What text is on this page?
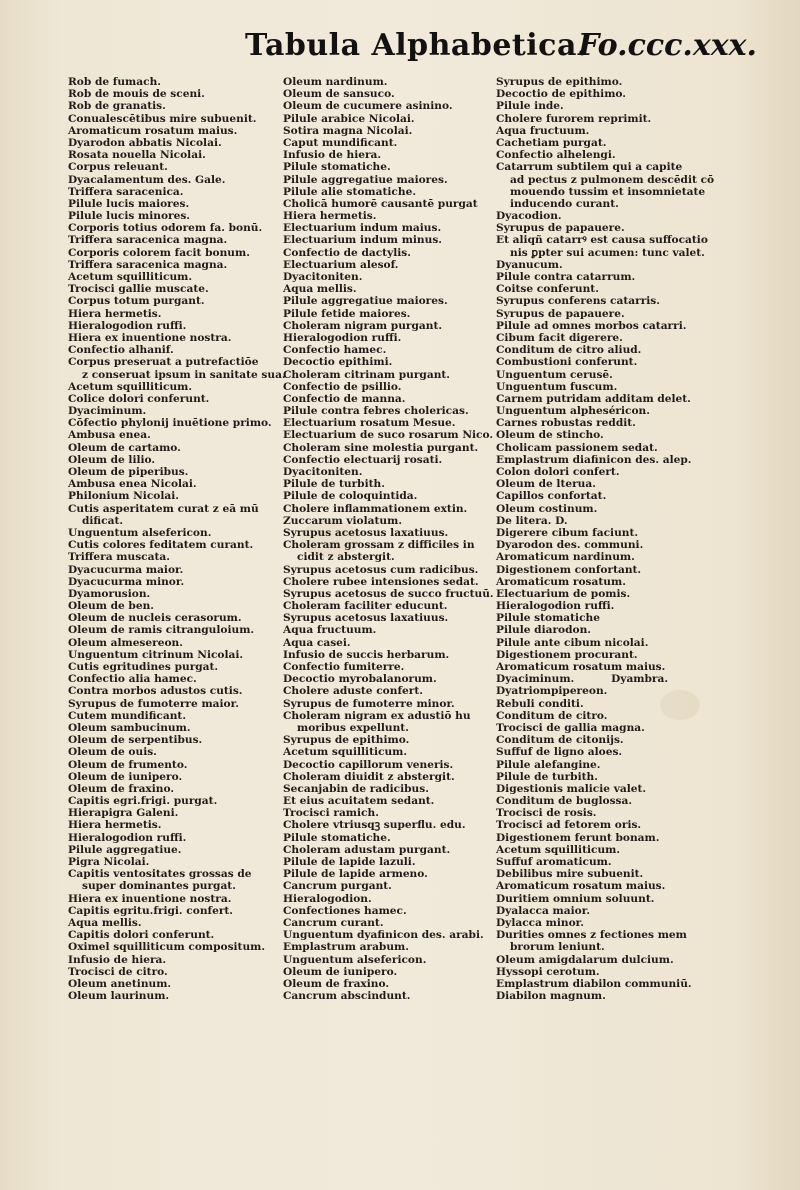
Tabula Alphabetica.
Fo.ccc.xxx.
Rob de fumach.
Rob de mouis de sceni.
Rob de granatis.
Conualescētibus mire subuenit.
Aromaticum rosatum maius.
Dyarodon abbatis Nicolai.
Rosata nouella Nicolai.
Corpus releuant.
Dyacalamentum des. Gale.
Triffera saracenica.
Pilule lucis maiores.
Pilule lucis minores.
Corporis totius odorem fa. bonū.
Triffera saracenica magna.
Corporis colorem facit bonum.
Triffera saracenica magna.
Acetum squilliticum.
Trocisci gallie muscate.
Corpus totum purgant.
Hiera hermetis.
Hieralogodion ruffi.
Hiera ex inuentione nostra.
Confectio alhanif.
Corpus preseruat a putrefactiōe
z conseruat ipsum in sanitate sua.
Acetum squilliticum.
Colice dolori conferunt.
Dyaciminum.
Cōfectio phylonij inuētione primo.
Ambusa enea.
Oleum de cartamo.
Oleum de lilio.
Oleum de piperibus.
Ambusa enea Nicolai.
Philonium Nicolai.
Cutis asperitatem curat z eā mū
dificat.
Unguentum alsefericon.
Cutis colores feditatem curant.
Triffera muscata.
Dyacucurma maior.
Dyacucurma minor.
Dyamorusion.
Oleum de ben.
Oleum de nucleis cerasorum.
Oleum de ramis citranguloium.
Oleum almesereon.
Unguentum citrinum Nicolai.
Cutis egritudines purgat.
Confectio alia hamec.
Contra morbos adustos cutis.
Syrupus de fumoterre maior.
Cutem mundificant.
Oleum sambucinum.
Oleum de serpentibus.
Oleum de ouis.
Oleum de frumento.
Oleum de iunipero.
Oleum de fraxino.
Capitis egri.frigi. purgat.
Hierapigra Galeni.
Hiera hermetis.
Hieralogodion ruffi.
Pilule aggregatiue.
Pigra Nicolai.
Capitis ventositates grossas de
super dominantes purgat.
Hiera ex inuentione nostra.
Capitis egritu.frigi. confert.
Aqua mellis.
Capitis dolori conferunt.
Oximel squilliticum compositum.
Infusio de hiera.
Trocisci de citro.
Oleum anetinum.
Oleum laurinum.
Oleum nardinum.
Oleum de sansuco.
Oleum de cucumere asinino.
Pilule arabice Nicolai.
Sotira magna Nicolai.
Caput mundificant.
Infusio de hiera.
Pilule stomatiche.
Pilule aggregatiue maiores.
Pilule alie stomatiche.
Cholicā humorē causantē purgat
Hiera hermetis.
Electuarium indum maius.
Electuarium indum minus.
Confectio de dactylis.
Electuarium alesof.
Dyacitoniten.
Aqua mellis.
Pilule aggregatiue maiores.
Pilule fetide maiores.
Choleram nigram purgant.
Hieralogodion ruffi.
Confectio hamec.
Decoctio epithimi.
Choleram citrinam purgant.
Confectio de psillio.
Confectio de manna.
Pilule contra febres cholericas.
Electuarium rosatum Mesue.
Electuarium de suco rosarum Nico.
Choleram sine molestia purgant.
Confectio electuarij rosati.
Dyacitoniten.
Pilule de turbith.
Pilule de coloquintida.
Cholere inflammationem extin.
Zuccarum violatum.
Syrupus acetosus laxatiuus.
Choleram grossam z difficiles in
cidit z abstergit.
Syrupus acetosus cum radicibus.
Cholere rubee intensiones sedat.
Syrupus acetosus de succo fructuū.
Choleram faciliter educunt.
Syrupus acetosus laxatiuus.
Aqua fructuum.
Aqua casei.
Infusio de succis herbarum.
Confectio fumiterre.
Decoctio myrobalanorum.
Cholere aduste confert.
Syrupus de fumoterre minor.
Choleram nigram ex adustiō hu
moribus expellunt.
Syrupus de epithimo.
Acetum squilliticum.
Decoctio capillorum veneris.
Choleram diuidit z abstergit.
Secanjabin de radicibus.
Et eius acuitatem sedant.
Trocisci ramich.
Cholere vtriusqꝫ superflu. edu.
Pilule stomatiche.
Choleram adustam purgant.
Pilule de lapide lazuli.
Pilule de lapide armeno.
Cancrum purgant.
Hieralogodion.
Confectiones hamec.
Cancrum curant.
Unguentum dyafinicon des. arabi.
Emplastrum arabum.
Unguentum alsefericon.
Oleum de iunipero.
Oleum de fraxino.
Cancrum abscindunt.
Syrupus de epithimo.
Decoctio de epithimo.
Pilule inde.
Cholere furorem reprimit.
Aqua fructuum.
Cachetiam purgat.
Confectio alhelengi.
Catarrum subtilem qui a capite
ad pectus z pulmonem descēdit cō
mouendo tussim et insomnietate
inducendo curant.
Dyacodion.
Syrupus de papauere.
Et aliqñ catarrꝰ est causa suffocatio
nis ꝑpter sui acumen: tunc valet.
Dyanucum.
Pilule contra catarrum.
Coitse conferunt.
Syrupus conferens catarris.
Syrupus de papauere.
Pilule ad omnes morbos catarri.
Cibum facit digerere.
Conditum de citro aliud.
Combustioni conferunt.
Unguentum cerusē.
Unguentum fuscum.
Carnem putridam additam delet.
Unguentum alpheséricon.
Carnes robustas reddit.
Oleum de stincho.
Cholicam passionem sedat.
Emplastrum diafinicon des. alep.
Colon dolori confert.
Oleum de lterua.
Capillos confortat.
Oleum costinum.
De litera. D.
Digerere cibum faciunt.
Dyarodon des. communi.
Aromaticum nardinum.
Digestionem confortant.
Aromaticum rosatum.
Electuarium de pomis.
Hieralogodion ruffi.
Pilule stomatiche
Pilule diarodon.
Pilule ante cibum nicolai.
Digestionem procurant.
Aromaticum rosatum maius.
Dyaciminum.          Dyambra.
Dyatriompipereon.
Rebuli conditi.
Conditum de citro.
Trocisci de gallia magna.
Conditum de citonijs.
Suffuf de ligno aloes.
Pilule alefangine.
Pilule de turbith.
Digestionis malicie valet.
Conditum de buglossa.
Trocisci de rosis.
Trocisci ad fetorem oris.
Digestionem ferunt bonam.
Acetum squilliticum.
Suffuf aromaticum.
Debilibus mire subuenit.
Aromaticum rosatum maius.
Duritiem omnium soluunt.
Dyalacca maior.
Dylacca minor.
Durities omnes z fectiones mem
brorum leniunt.
Oleum amigdalarum dulcium.
Hyssopi cerotum.
Emplastrum diabilon communiū.
Diabilon magnum.
